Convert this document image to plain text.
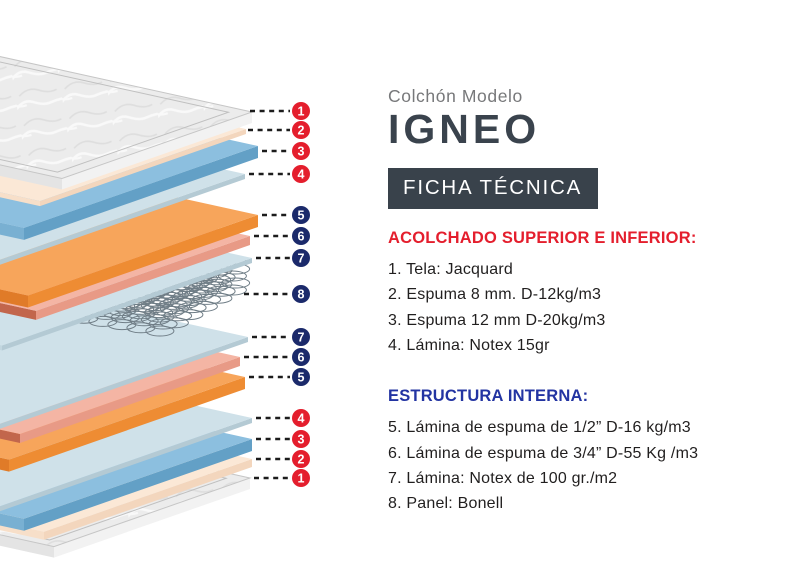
1
2
3
4
5
6
7
8
7
6
5
4
3
2
1
Colchón Modelo
IGNEO
FICHA TÉCNICA
ACOLCHADO SUPERIOR E INFERIOR:
1. Tela: Jacquard
2. Espuma 8 mm. D-12kg/m3
3. Espuma 12 mm D-20kg/m3
4. Lámina: Notex 15gr
ESTRUCTURA INTERNA:
5. Lámina de espuma de 1/2” D-16 kg/m3
6. Lámina de espuma de 3/4” D-55 Kg /m3
7. Lámina: Notex de 100 gr./m2
8. Panel: Bonell
